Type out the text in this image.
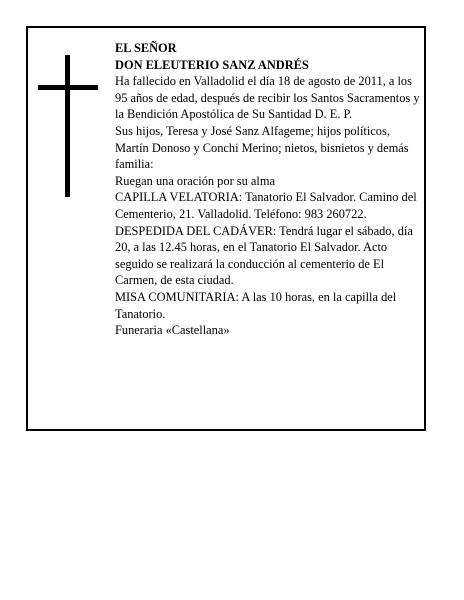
EL SEÑOR

DON ELEUTERIO SANZ ANDRÉS

Ha fallecido en Valladolid el día 18 de agosto de 2011, a los 95 años de edad, después de recibir los Santos Sacramentos y la Bendición Apostólica de Su Santidad D. E. P.

Sus hijos, Teresa y José Sanz Alfageme; hijos políticos, Martín Donoso y Conchi Merino; nietos, bisnietos y demás familia:

Ruegan una oración por su alma

CAPILLA VELATORIA: Tanatorio El Salvador. Camino del Cementerio, 21. Valladolid. Teléfono: 983 260722.

DESPEDIDA DEL CADÁVER: Tendrá lugar el sábado, día 20, a las 12.45 horas, en el Tanatorio El Salvador. Acto seguido se realizará la conducción al cementerio de El Carmen, de esta ciudad.

MISA COMUNITARIA: A las 10 horas, en la capilla del Tanatorio.

Funeraria «Castellana»
